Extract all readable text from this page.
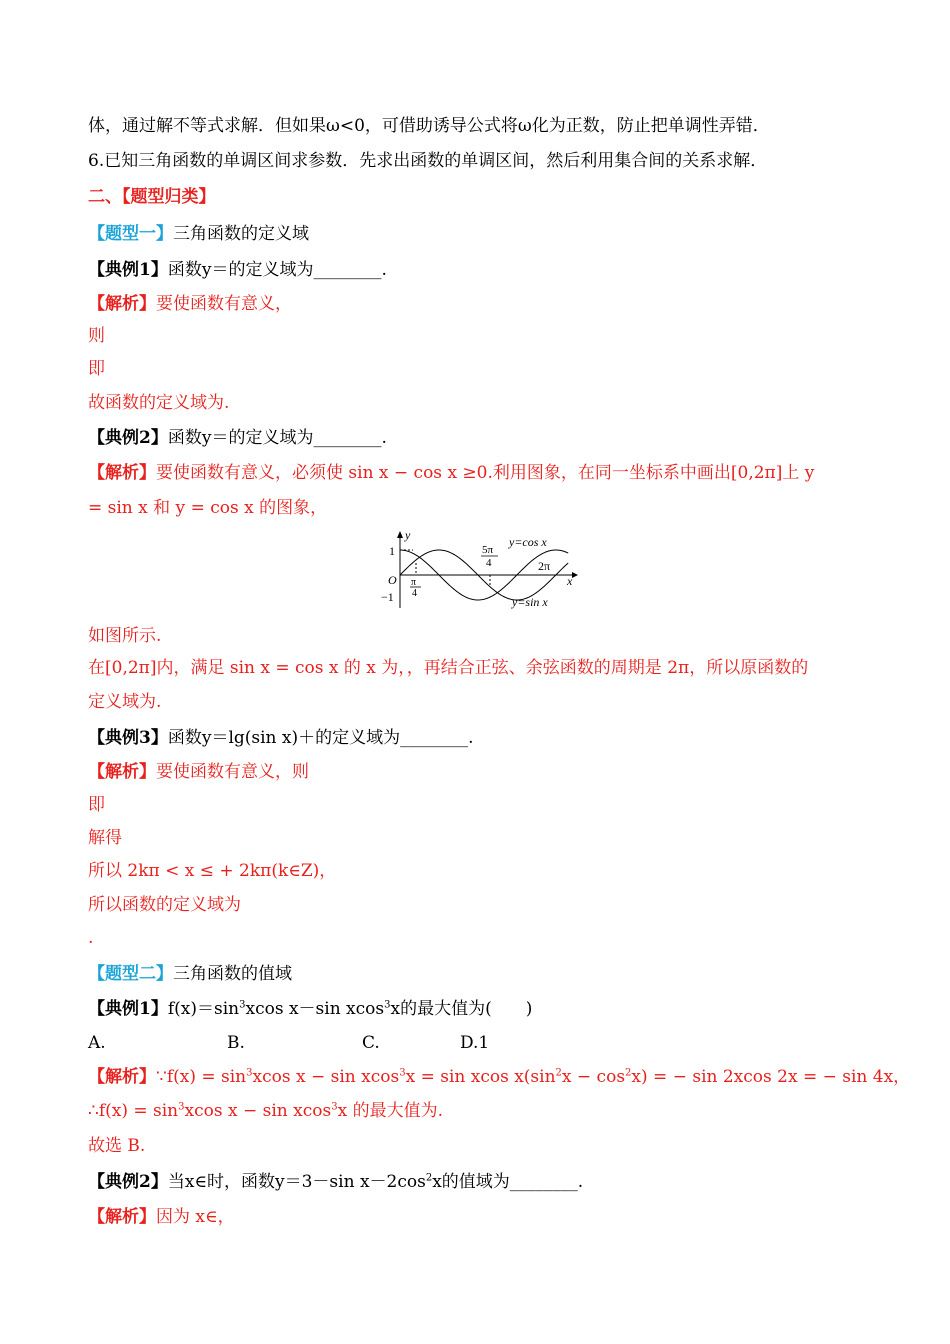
体，通过解不等式求解．但如果ω<0，可借助诱导公式将ω化为正数，防止把单调性弄错．
6.已知三角函数的单调区间求参数．先求出函数的单调区间，然后利用集合间的关系求解．
二、【题型归类】
【题型一】三角函数的定义域
【典例1】函数y＝的定义域为________.
【解析】要使函数有意义，
则
即
故函数的定义域为.
【典例2】函数y＝的定义域为________.
【解析】要使函数有意义，必须使 sin x − cos x ≥0.利用图象，在同一坐标系中画出[0,2π]上 y
= sin x 和 y = cos x 的图象，
y
x
O
1
−1
π
4
5π
4	2π
y=cos x
y=sin x
如图所示.
在[0,2π]内，满足 sin x = cos x 的 x 为，，再结合正弦、余弦函数的周期是 2π，所以原函数的
定义域为.
【典例3】函数y＝lg(sin x)＋的定义域为________.
【解析】要使函数有意义，则
即
解得
所以 2kπ < x ≤ + 2kπ(k∈Z)，
所以函数的定义域为
.
【题型二】三角函数的值域
【典例1】$f(x)=\sin^3xcos$ x－sin xcos$^3$x的最大值为(　　)
A.	B.	C.	D.1
【解析】∵f(x) = $\sin^3xcos$ x − sin xcos$^3$x = sin xcos $x(\sin^2x - \cos^2x)$ = − sin 2xcos 2x = − sin 4x，
∴f(x) = $\sin^3xcos$ x − sin xcos$^3$x 的最大值为.
故选 B.
【典例2】当x∈时，函数y＝3－sin $x-2\cos^2x$的值域为________.
【解析】因为 x∈，
